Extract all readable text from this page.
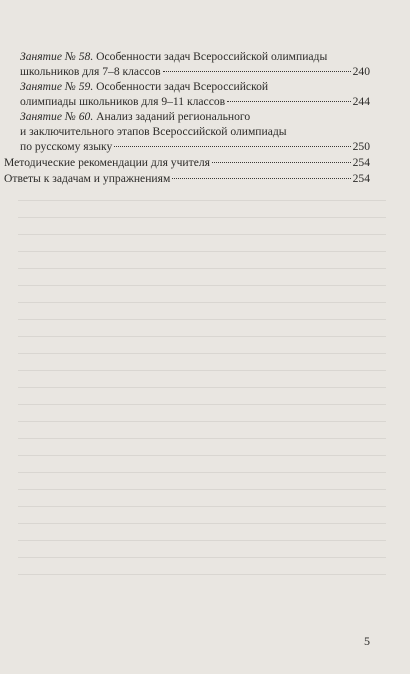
Занятие № 58. Особенности задач Всероссийской олимпиады
школьников для 7–8 классов	240
Занятие № 59. Особенности задач Всероссийской
олимпиады школьников для 9–11 классов	244
Занятие № 60. Анализ заданий регионального
и заключительного этапов Всероссийской олимпиады
по русскому языку	250
Методические рекомендации для учителя	254
Ответы к задачам и упражнениям	254
5
